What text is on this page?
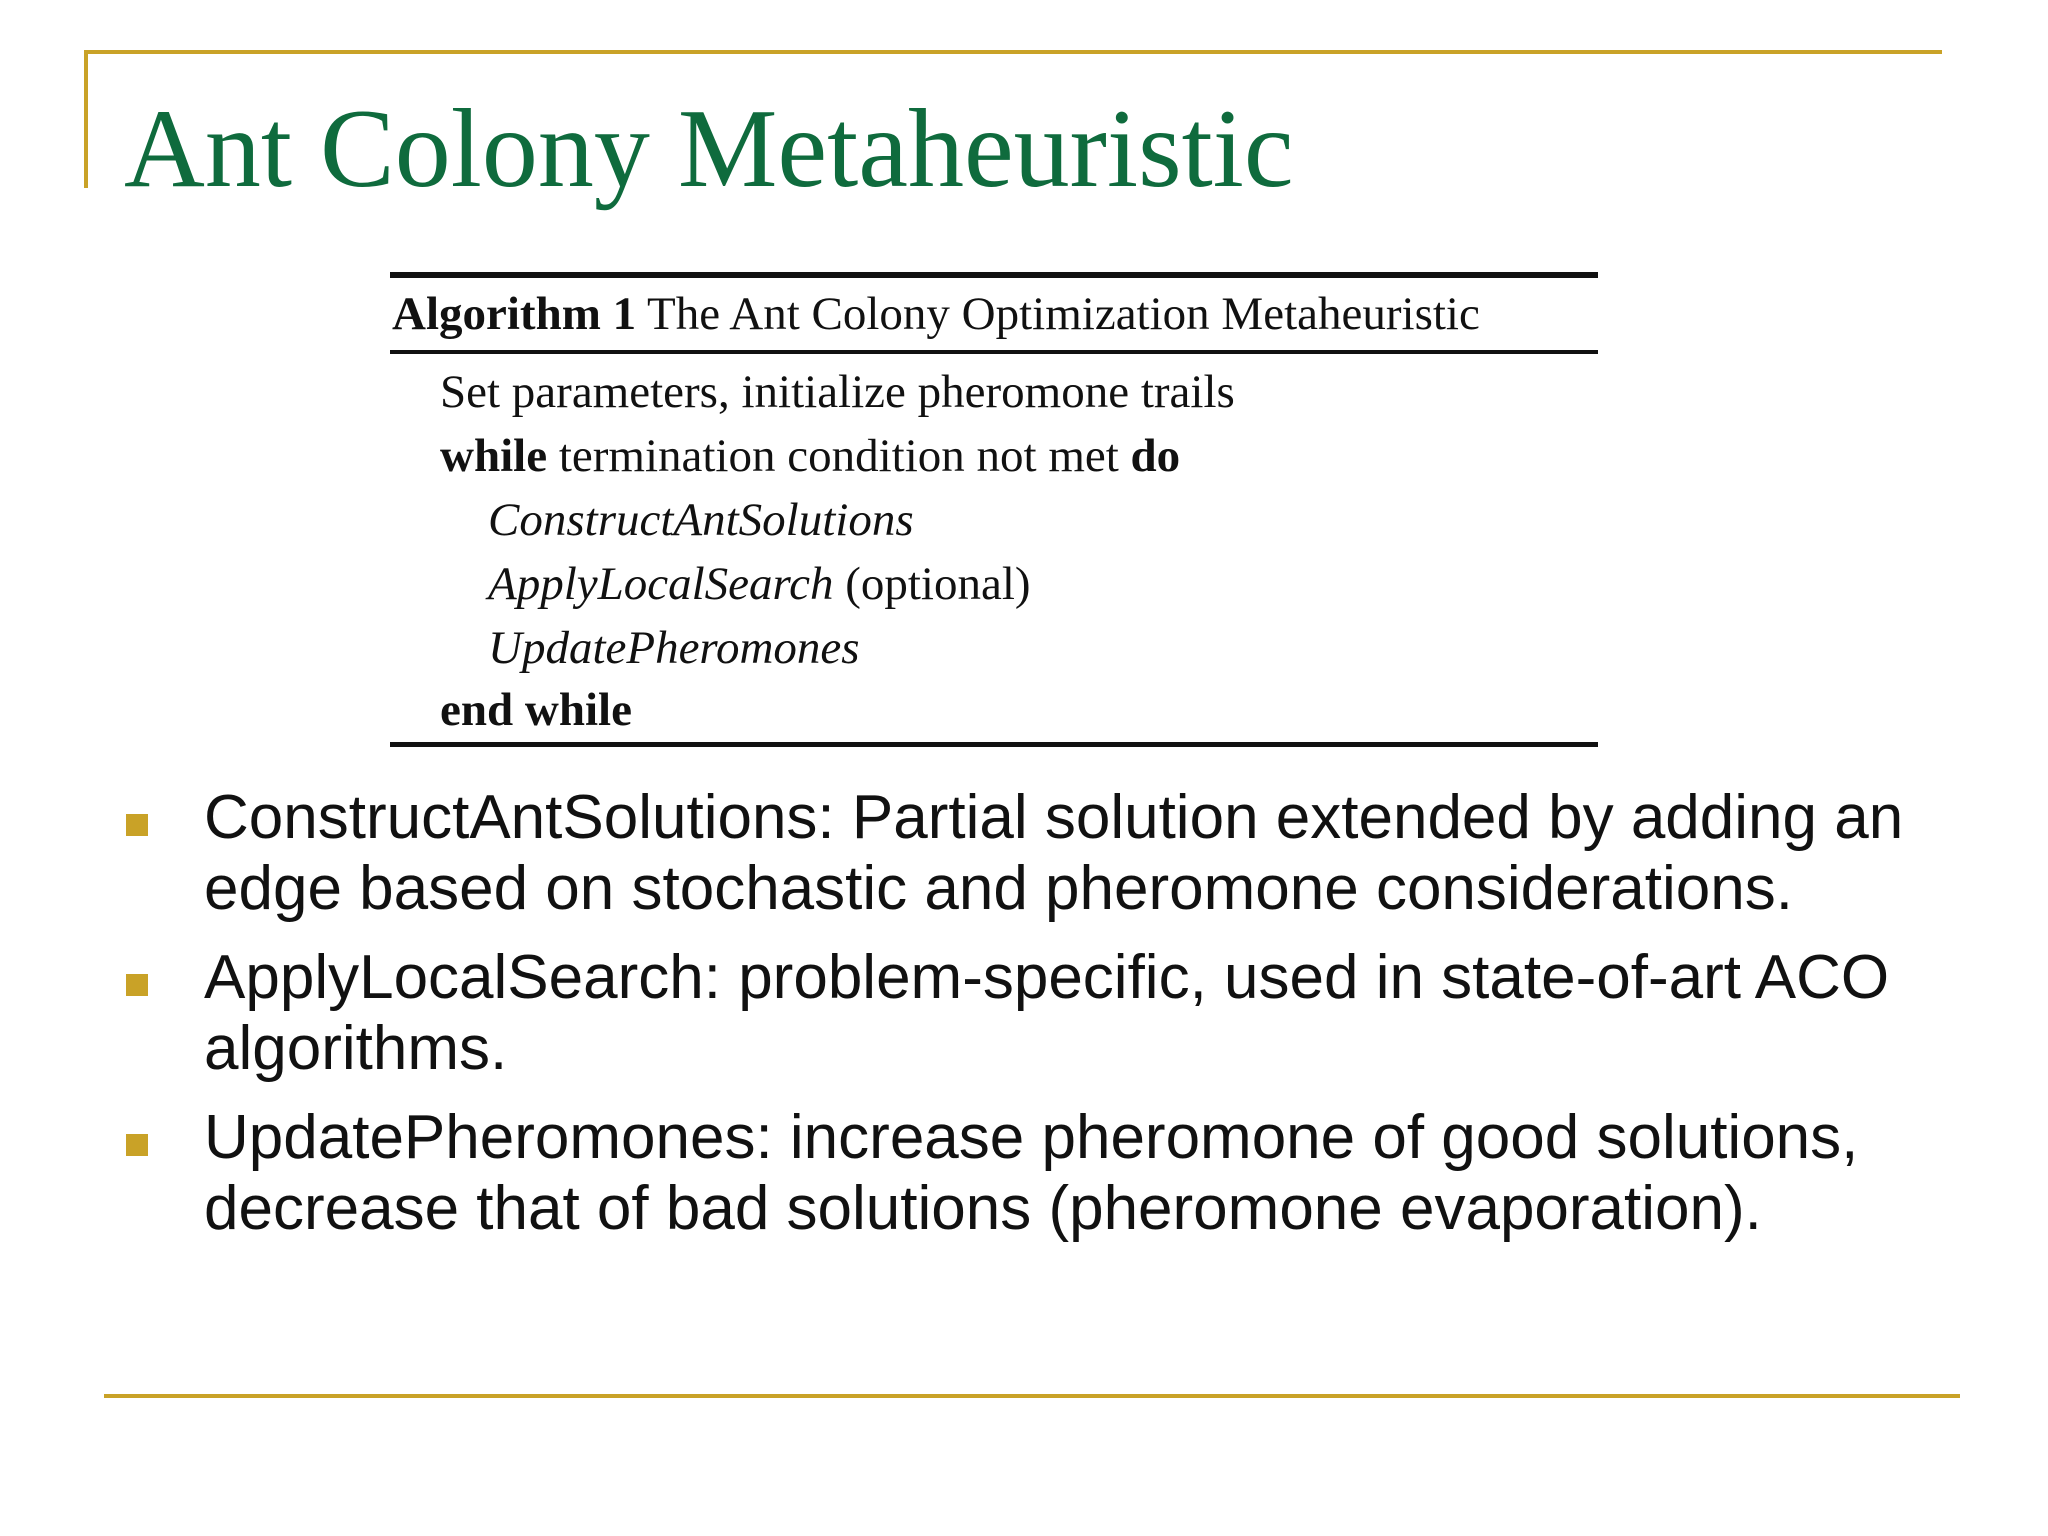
Ant Colony Metaheuristic
Algorithm 1 The Ant Colony Optimization Metaheuristic
Set parameters, initialize pheromone trails
while termination condition not met do
ConstructAntSolutions
ApplyLocalSearch (optional)
UpdatePheromones
end while
ConstructAntSolutions: Partial solution extended by adding an edge based on stochastic and pheromone considerations.
ApplyLocalSearch: problem-specific, used in state-of-art ACO algorithms.
UpdatePheromones: increase pheromone of good solutions, decrease that of bad solutions (pheromone evaporation).
